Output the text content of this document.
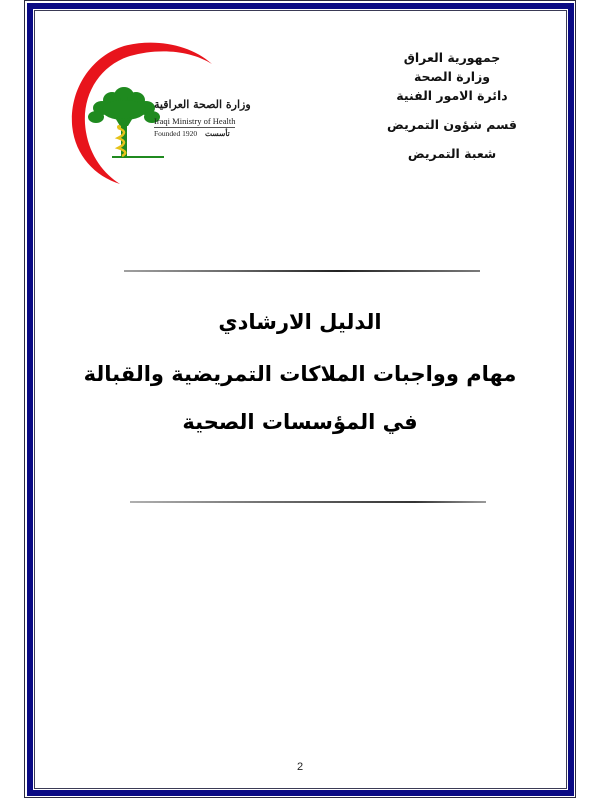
وزارة الصحة العراقية
Iraqi Ministry of Health
Founded 1920 تأسست
جمهورية العراق
وزارة الصحة
دائرة الامور الفنية
قسم شؤون التمريض
شعبة التمريض
الدليل الارشادي
مهام وواجبات الملاكات التمريضية والقبالة
في المؤسسات الصحية
2
